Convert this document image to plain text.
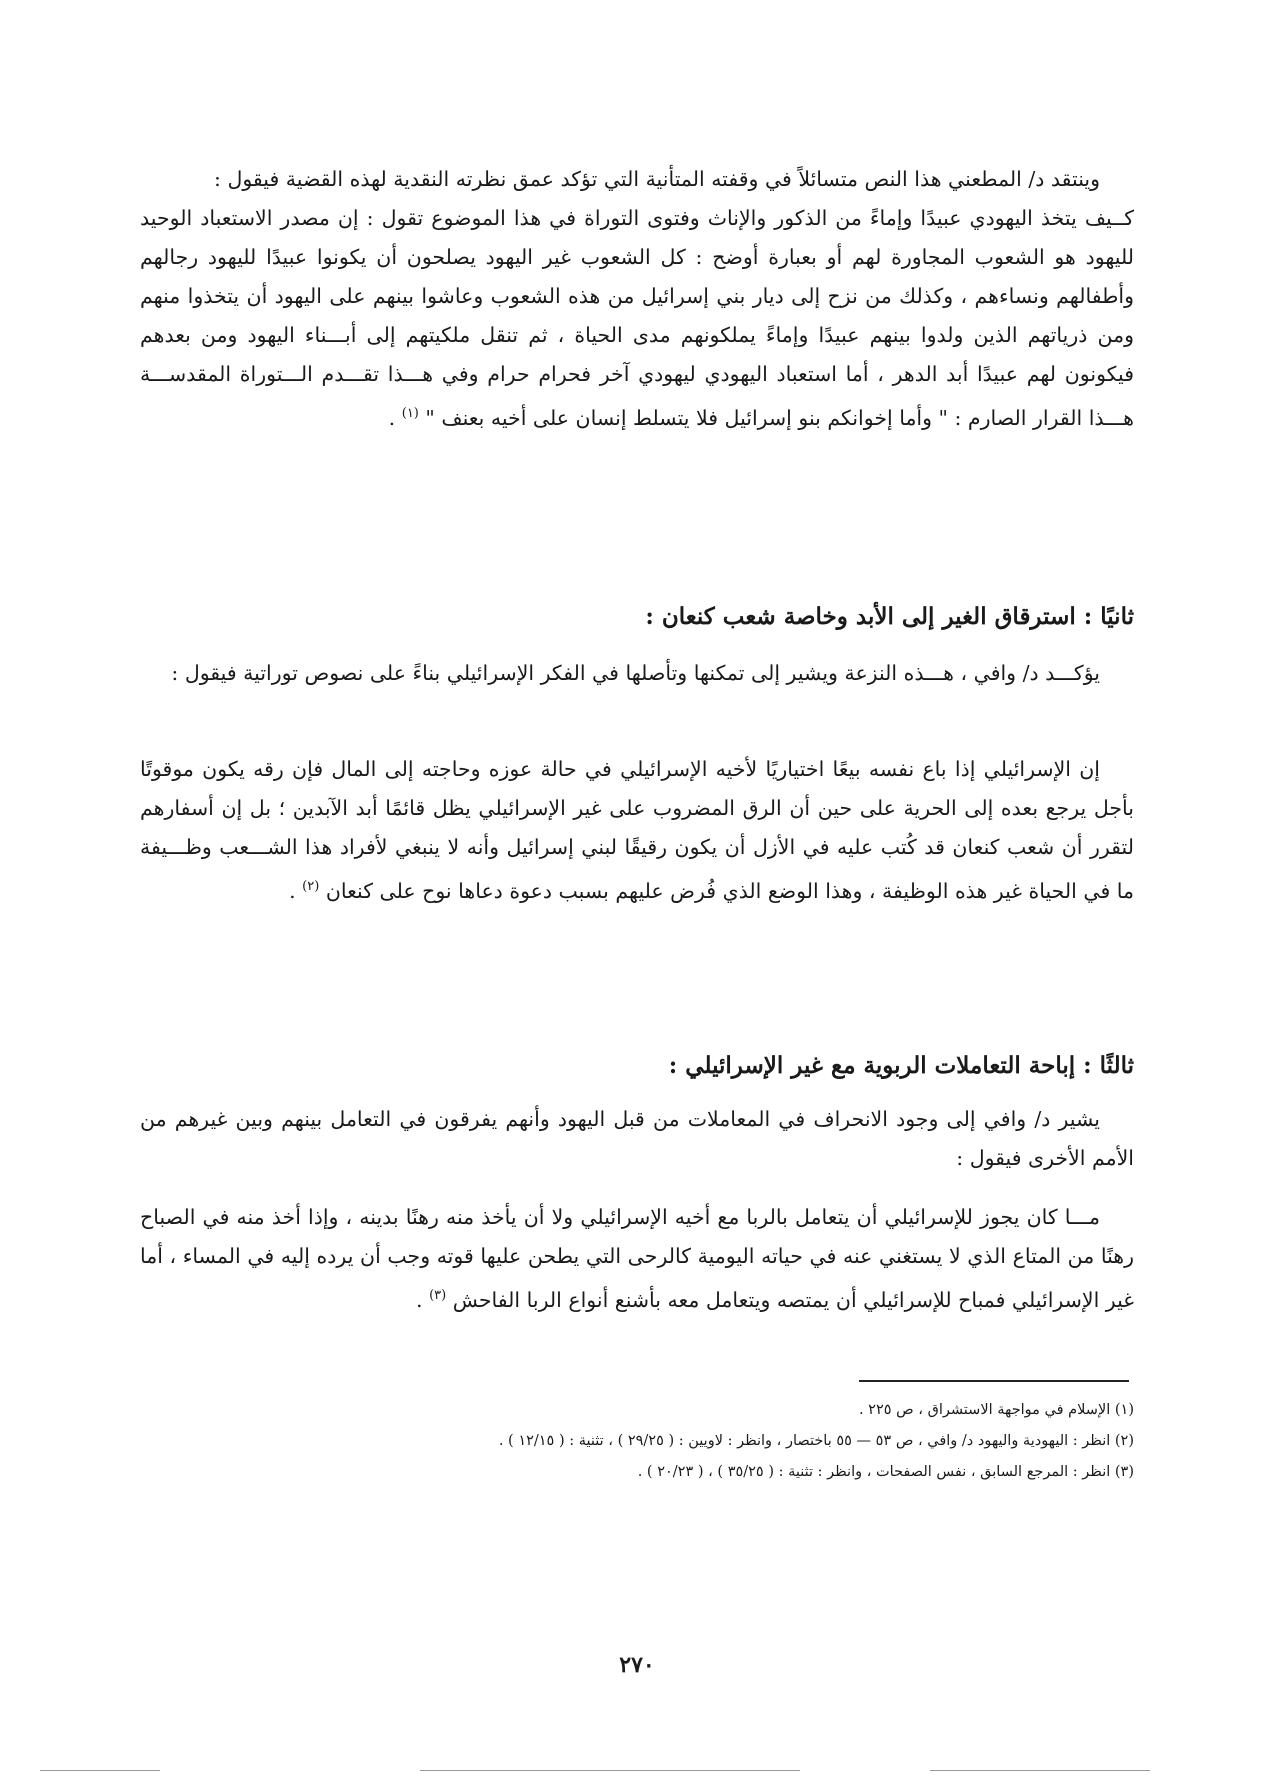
وينتقد د/ المطعني هذا النص متسائلاً في وقفته المتأنية التي تؤكد عمق نظرته النقدية لهذه القضية فيقول :
كــيف يتخذ اليهودي عبيدًا وإماءً من الذكور والإناث وفتوى التوراة في هذا الموضوع تقول : إن مصدر الاستعباد الوحيد لليهود هو الشعوب المجاورة لهم أو بعبارة أوضح : كل الشعوب غير اليهود يصلحون أن يكونوا عبيدًا لليهود رجالهم وأطفالهم ونساءهم ، وكذلك من نزح إلى ديار بني إسرائيل من هذه الشعوب وعاشوا بينهم على اليهود أن يتخذوا منهم ومن ذرياتهم الذين ولدوا بينهم عبيدًا وإماءً يملكونهم مدى الحياة ، ثم تنقل ملكيتهم إلى أبـــناء اليهود ومن بعدهم فيكونون لهم عبيدًا أبد الدهر ، أما استعباد اليهودي ليهودي آخر فحرام حرام وفي هـــذا تقـــدم الـــتوراة المقدســـة هـــذا القرار الصارم : " وأما إخوانكم بنو إسرائيل فلا يتسلط إنسان على أخيه بعنف " $^{(١)}$ .

ثانيًا : استرقاق الغير إلى الأبد وخاصة شعب كنعان :

يؤكـــد د/ وافي ، هـــذه النزعة ويشير إلى تمكنها وتأصلها في الفكر الإسرائيلي بناءً على نصوص توراتية فيقول :

إن الإسرائيلي إذا باع نفسه بيعًا اختياريًا لأخيه الإسرائيلي في حالة عوزه وحاجته إلى المال فإن رقه يكون موقوتًا بأجل يرجع بعده إلى الحرية على حين أن الرق المضروب على غير الإسرائيلي يظل قائمًا أبد الآبدين ؛ بل إن أسفارهم لتقرر أن شعب كنعان قد كُتب عليه في الأزل أن يكون رقيقًا لبني إسرائيل وأنه لا ينبغي لأفراد هذا الشـــعب وظـــيفة ما في الحياة غير هذه الوظيفة ، وهذا الوضع الذي فُرض عليهم بسبب دعوة دعاها نوح على كنعان $^{(٢)}$ .

ثالثًا : إباحة التعاملات الربوية مع غير الإسرائيلي :

يشير د/ وافي إلى وجود الانحراف في المعاملات من قبل اليهود وأنهم يفرقون في التعامل بينهم وبين غيرهم من الأمم الأخرى فيقول :

مـــا كان يجوز للإسرائيلي أن يتعامل بالربا مع أخيه الإسرائيلي ولا أن يأخذ منه رهنًا بدينه ، وإذا أخذ منه في الصباح رهنًا من المتاع الذي لا يستغني عنه في حياته اليومية كالرحى التي يطحن عليها قوته وجب أن يرده إليه في المساء ، أما غير الإسرائيلي فمباح للإسرائيلي أن يمتصه ويتعامل معه بأشنع أنواع الربا الفاحش $^{(٣)}$ .

(١) الإسلام في مواجهة الاستشراق ، ص ٢٢٥ .
(٢) انظر : اليهودية واليهود د/ وافي ، ص ٥٣ — ٥٥ باختصار ، وانظر : لاويين : ( ٢٩/٢٥ ) ، تثنية : ( ١٢/١٥ ) .
(٣) انظر : المرجع السابق ، نفس الصفحات ، وانظر : تثنية : ( ٣٥/٢٥ ) ، ( ٢٠/٢٣ ) .
٢٧٠
